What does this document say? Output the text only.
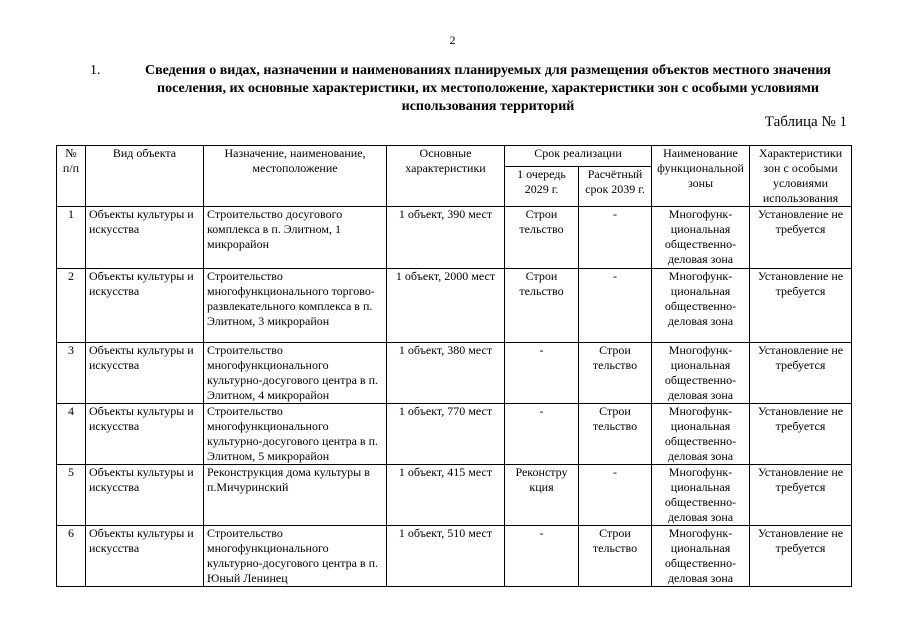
2
1.	Сведения о видах, назначении и наименованиях планируемых для размещения объектов местного значения поселения, их основные характеристики, их местоположение, характеристики зон с особыми условиями использования территорий
Таблица № 1
№ п/п	Вид объекта	Назначение, наименование, местоположение	Основные характеристики	Срок реализации		Наименование функциональной зоны	Характеристики зон с особыми условиями использования
				1 очередь 2029 г.	Расчётный срок 2039 г.		
1	Объекты культуры и искусства	Строительство досугового комплекса в п. Элитном, 1 микрорайон	1 объект, 390 мест	Строи тельство	-	Многофунк-циональная общественно-деловая зона	Установление не требуется
2	Объекты культуры и искусства	Строительство многофункционального торгово-развлекательного комплекса в п. Элитном, 3 микрорайон	1 объект, 2000 мест	Строи тельство	-	Многофунк-циональная общественно-деловая зона	Установление не требуется
3	Объекты культуры и искусства	Строительство многофункционального культурно-досугового центра в п. Элитном, 4 микрорайон	1 объект, 380 мест	-	Строи тельство	Многофунк-циональная общественно-деловая зона	Установление не требуется
4	Объекты культуры и искусства	Строительство многофункционального культурно-досугового центра в п. Элитном, 5 микрорайон	1 объект, 770 мест	-	Строи тельство	Многофунк-циональная общественно-деловая зона	Установление не требуется
5	Объекты культуры и искусства	Реконструкция дома культуры в п.Мичуринский	1 объект, 415 мест	Реконстру кция	-	Многофунк-циональная общественно-деловая зона	Установление не требуется
6	Объекты культуры и искусства	Строительство многофункционального культурно-досугового центра в п. Юный Ленинец	1 объект, 510 мест	-	Строи тельство	Многофунк-циональная общественно-деловая зона	Установление не требуется
